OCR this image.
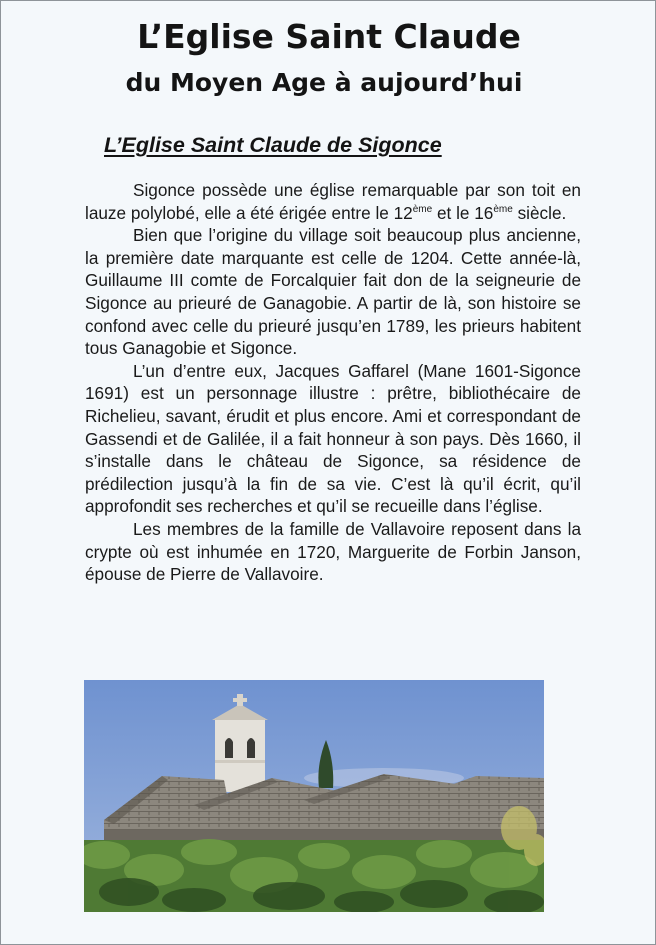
L’Eglise Saint Claude
du Moyen Age à aujourd’hui
L’Eglise Saint Claude de Sigonce

Sigonce possède une église remarquable par son toit en lauze polylobé, elle a été érigée entre le 12ème et le 16ème siècle.

Bien que l’origine du village soit beaucoup plus ancienne, la première date marquante est celle de 1204. Cette année-là, Guillaume III comte de Forcalquier fait don de la seigneurie de Sigonce au prieuré de Ganagobie. A partir de là, son histoire se confond avec celle du prieuré jusqu’en 1789, les prieurs habitent tous Ganagobie et Sigonce.

L’un d’entre eux, Jacques Gaffarel (Mane 1601-Sigonce 1691) est un personnage illustre : prêtre, bibliothécaire de Richelieu, savant, érudit et plus encore. Ami et correspondant de Gassendi et de Galilée, il a fait honneur à son pays. Dès 1660, il s’installe dans le château de Sigonce, sa résidence de prédilection jusqu’à la fin de sa vie. C’est là qu’il écrit, qu’il approfondit ses recherches et qu’il se recueille dans l’église.

Les membres de la famille de Vallavoire reposent dans la crypte où est inhumée en 1720, Marguerite de Forbin Janson, épouse de Pierre de Vallavoire.
